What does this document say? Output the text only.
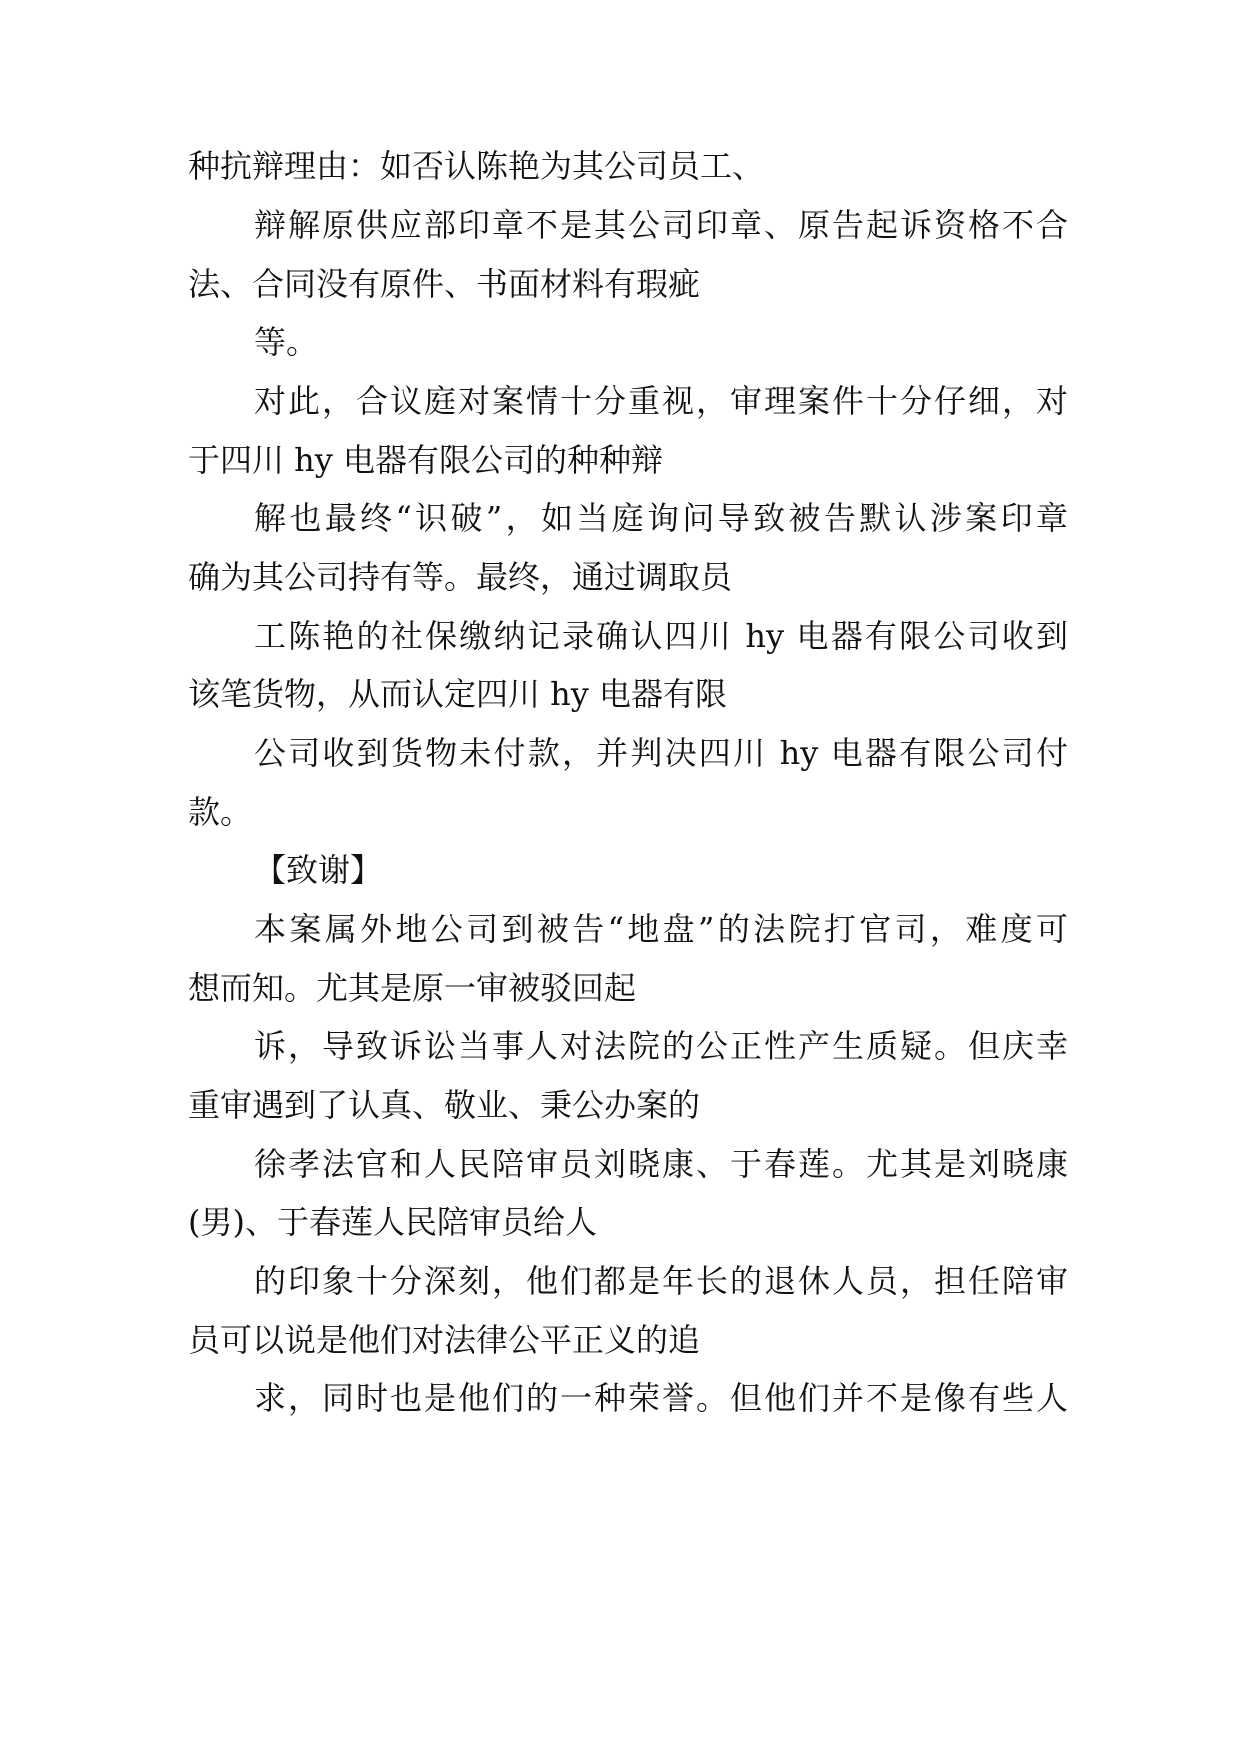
种抗辩理由：如否认陈艳为其公司员工、
辩解原供应部印章不是其公司印章、原告起诉资格不合
法、合同没有原件、书面材料有瑕疵
等。
对此，合议庭对案情十分重视，审理案件十分仔细，对
于四川 hy 电器有限公司的种种辩
解也最终“识破”，如当庭询问导致被告默认涉案印章
确为其公司持有等。最终，通过调取员
工陈艳的社保缴纳记录确认四川 hy 电器有限公司收到
该笔货物，从而认定四川 hy 电器有限
公司收到货物未付款，并判决四川 hy 电器有限公司付
款。
【致谢】
本案属外地公司到被告“地盘”的法院打官司，难度可
想而知。尤其是原一审被驳回起
诉，导致诉讼当事人对法院的公正性产生质疑。但庆幸
重审遇到了认真、敬业、秉公办案的
徐孝法官和人民陪审员刘晓康、于春莲。尤其是刘晓康
(男)、于春莲人民陪审员给人
的印象十分深刻，他们都是年长的退休人员，担任陪审
员可以说是他们对法律公平正义的追
求，同时也是他们的一种荣誉。但他们并不是像有些人
